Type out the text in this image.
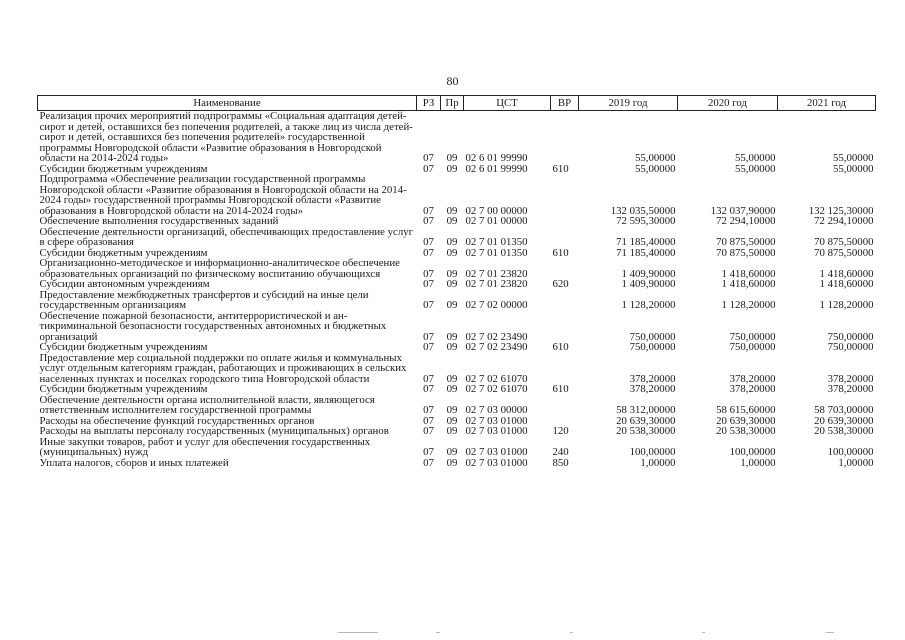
80
Наименование	РЗ	Пр	ЦСТ	ВР	2019 год	2020 год	2021 год
Реализация прочих мероприятий подпрограммы «Социальная адаптация детей-сирот и детей, оставшихся без попечения родителей, а также лиц из числа детей-сирот и детей, оставшихся без попечения родителей» государственной программы Новгородской области «Развитие образования в Новгородской области на 2014-2024 годы»	07	09	02 6 01 99990		55,00000	55,00000	55,00000
Субсидии бюджетным учреждениям	07	09	02 6 01 99990	610	55,00000	55,00000	55,00000
Подпрограмма «Обеспечение реализации государственной программы Новгородской области «Развитие образования в Новгородской области на 2014-2024 годы» государственной программы Новгородской области «Развитие образования в Новгородской области на 2014-2024 годы»	07	09	02 7 00 00000		132 035,50000	132 037,90000	132 125,30000
Обеспечение выполнения государственных заданий	07	09	02 7 01 00000		72 595,30000	72 294,10000	72 294,10000
Обеспечение деятельности организаций, обеспечивающих предоставление услуг в сфере образования	07	09	02 7 01 01350		71 185,40000	70 875,50000	70 875,50000
Субсидии бюджетным учреждениям	07	09	02 7 01 01350	610	71 185,40000	70 875,50000	70 875,50000
Организационно-методическое и информационно-аналитическое обеспечение образовательных организаций по физическому воспитанию обучающихся	07	09	02 7 01 23820		1 409,90000	1 418,60000	1 418,60000
Субсидии автономным учреждениям	07	09	02 7 01 23820	620	1 409,90000	1 418,60000	1 418,60000
Предоставление межбюджетных трансфертов и субсидий на иные цели государственным организациям	07	09	02 7 02 00000		1 128,20000	1 128,20000	1 128,20000
Обеспечение пожарной безопасности, антитеррористической и антикриминальной безопасности государственных автономных и бюджетных организаций	07	09	02 7 02 23490		750,00000	750,00000	750,00000
Субсидии бюджетным учреждениям	07	09	02 7 02 23490	610	750,00000	750,00000	750,00000
Предоставление мер социальной поддержки по оплате жилья и коммунальных услуг отдельным категориям граждан, работающих и проживающих в сельских населенных пунктах и поселках городского типа Новгородской области	07	09	02 7 02 61070		378,20000	378,20000	378,20000
Субсидии бюджетным учреждениям	07	09	02 7 02 61070	610	378,20000	378,20000	378,20000
Обеспечение деятельности органа исполнительной власти, являющегося ответственным исполнителем государственной программы	07	09	02 7 03 00000		58 312,00000	58 615,60000	58 703,00000
Расходы на обеспечение функций государственных органов	07	09	02 7 03 01000		20 639,30000	20 639,30000	20 639,30000
Расходы на выплаты персоналу государственных (муниципальных) органов	07	09	02 7 03 01000	120	20 538,30000	20 538,30000	20 538,30000
Иные закупки товаров, работ и услуг для обеспечения государственных (муниципальных) нужд	07	09	02 7 03 01000	240	100,00000	100,00000	100,00000
Уплата налогов, сборов и иных платежей	07	09	02 7 03 01000	850	1,00000	1,00000	1,00000
